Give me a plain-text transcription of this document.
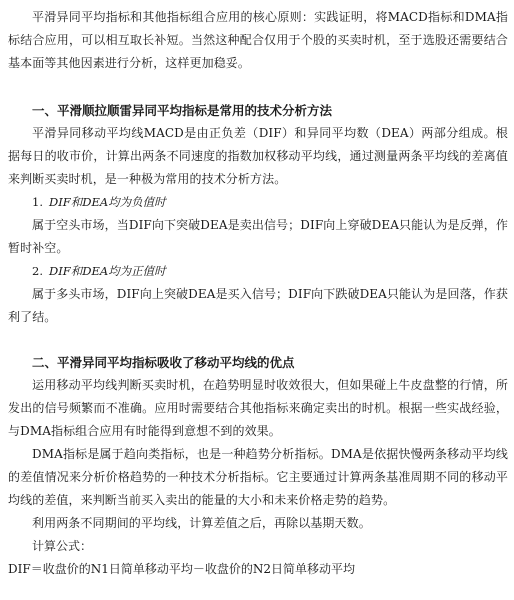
平滑异同平均指标和其他指标组合应用的核心原则：实践证明，将MACD指标和DMA指标结合应用，可以相互取长补短。当然这种配合仅用于个股的买卖时机，至于选股还需要结合基本面等其他因素进行分析，这样更加稳妥。

一、平滑顺拉顺雷异同平均指标是常用的技术分析方法

平滑异同移动平均线MACD是由正负差（DIF）和异同平均数（DEA）两部分组成。根据每日的收市价，计算出两条不同速度的指数加权移动平均线，通过测量两条平均线的差离值来判断买卖时机，是一种极为常用的技术分析方法。

1. DIF和DEA均为负值时

属于空头市场，当DIF向下突破DEA是卖出信号；DIF向上穿破DEA只能认为是反弹，作暂时补空。

2. DIF和DEA均为正值时

属于多头市场，DIF向上突破DEA是买入信号；DIF向下跌破DEA只能认为是回落，作获利了结。

二、平滑异同平均指标吸收了移动平均线的优点

运用移动平均线判断买卖时机，在趋势明显时收效很大，但如果碰上牛皮盘整的行情，所发出的信号频繁而不准确。应用时需要结合其他指标来确定卖出的时机。根据一些实战经验，与DMA指标组合应用有时能得到意想不到的效果。

DMA指标是属于趋向类指标，也是一种趋势分析指标。DMA是依据快慢两条移动平均线的差值情况来分析价格趋势的一种技术分析指标。它主要通过计算两条基准周期不同的移动平均线的差值，来判断当前买入卖出的能量的大小和未来价格走势的趋势。

利用两条不同期间的平均线，计算差值之后，再除以基期天数。

计算公式：

DIF＝收盘价的N1日简单移动平均－收盘价的N2日简单移动平均
